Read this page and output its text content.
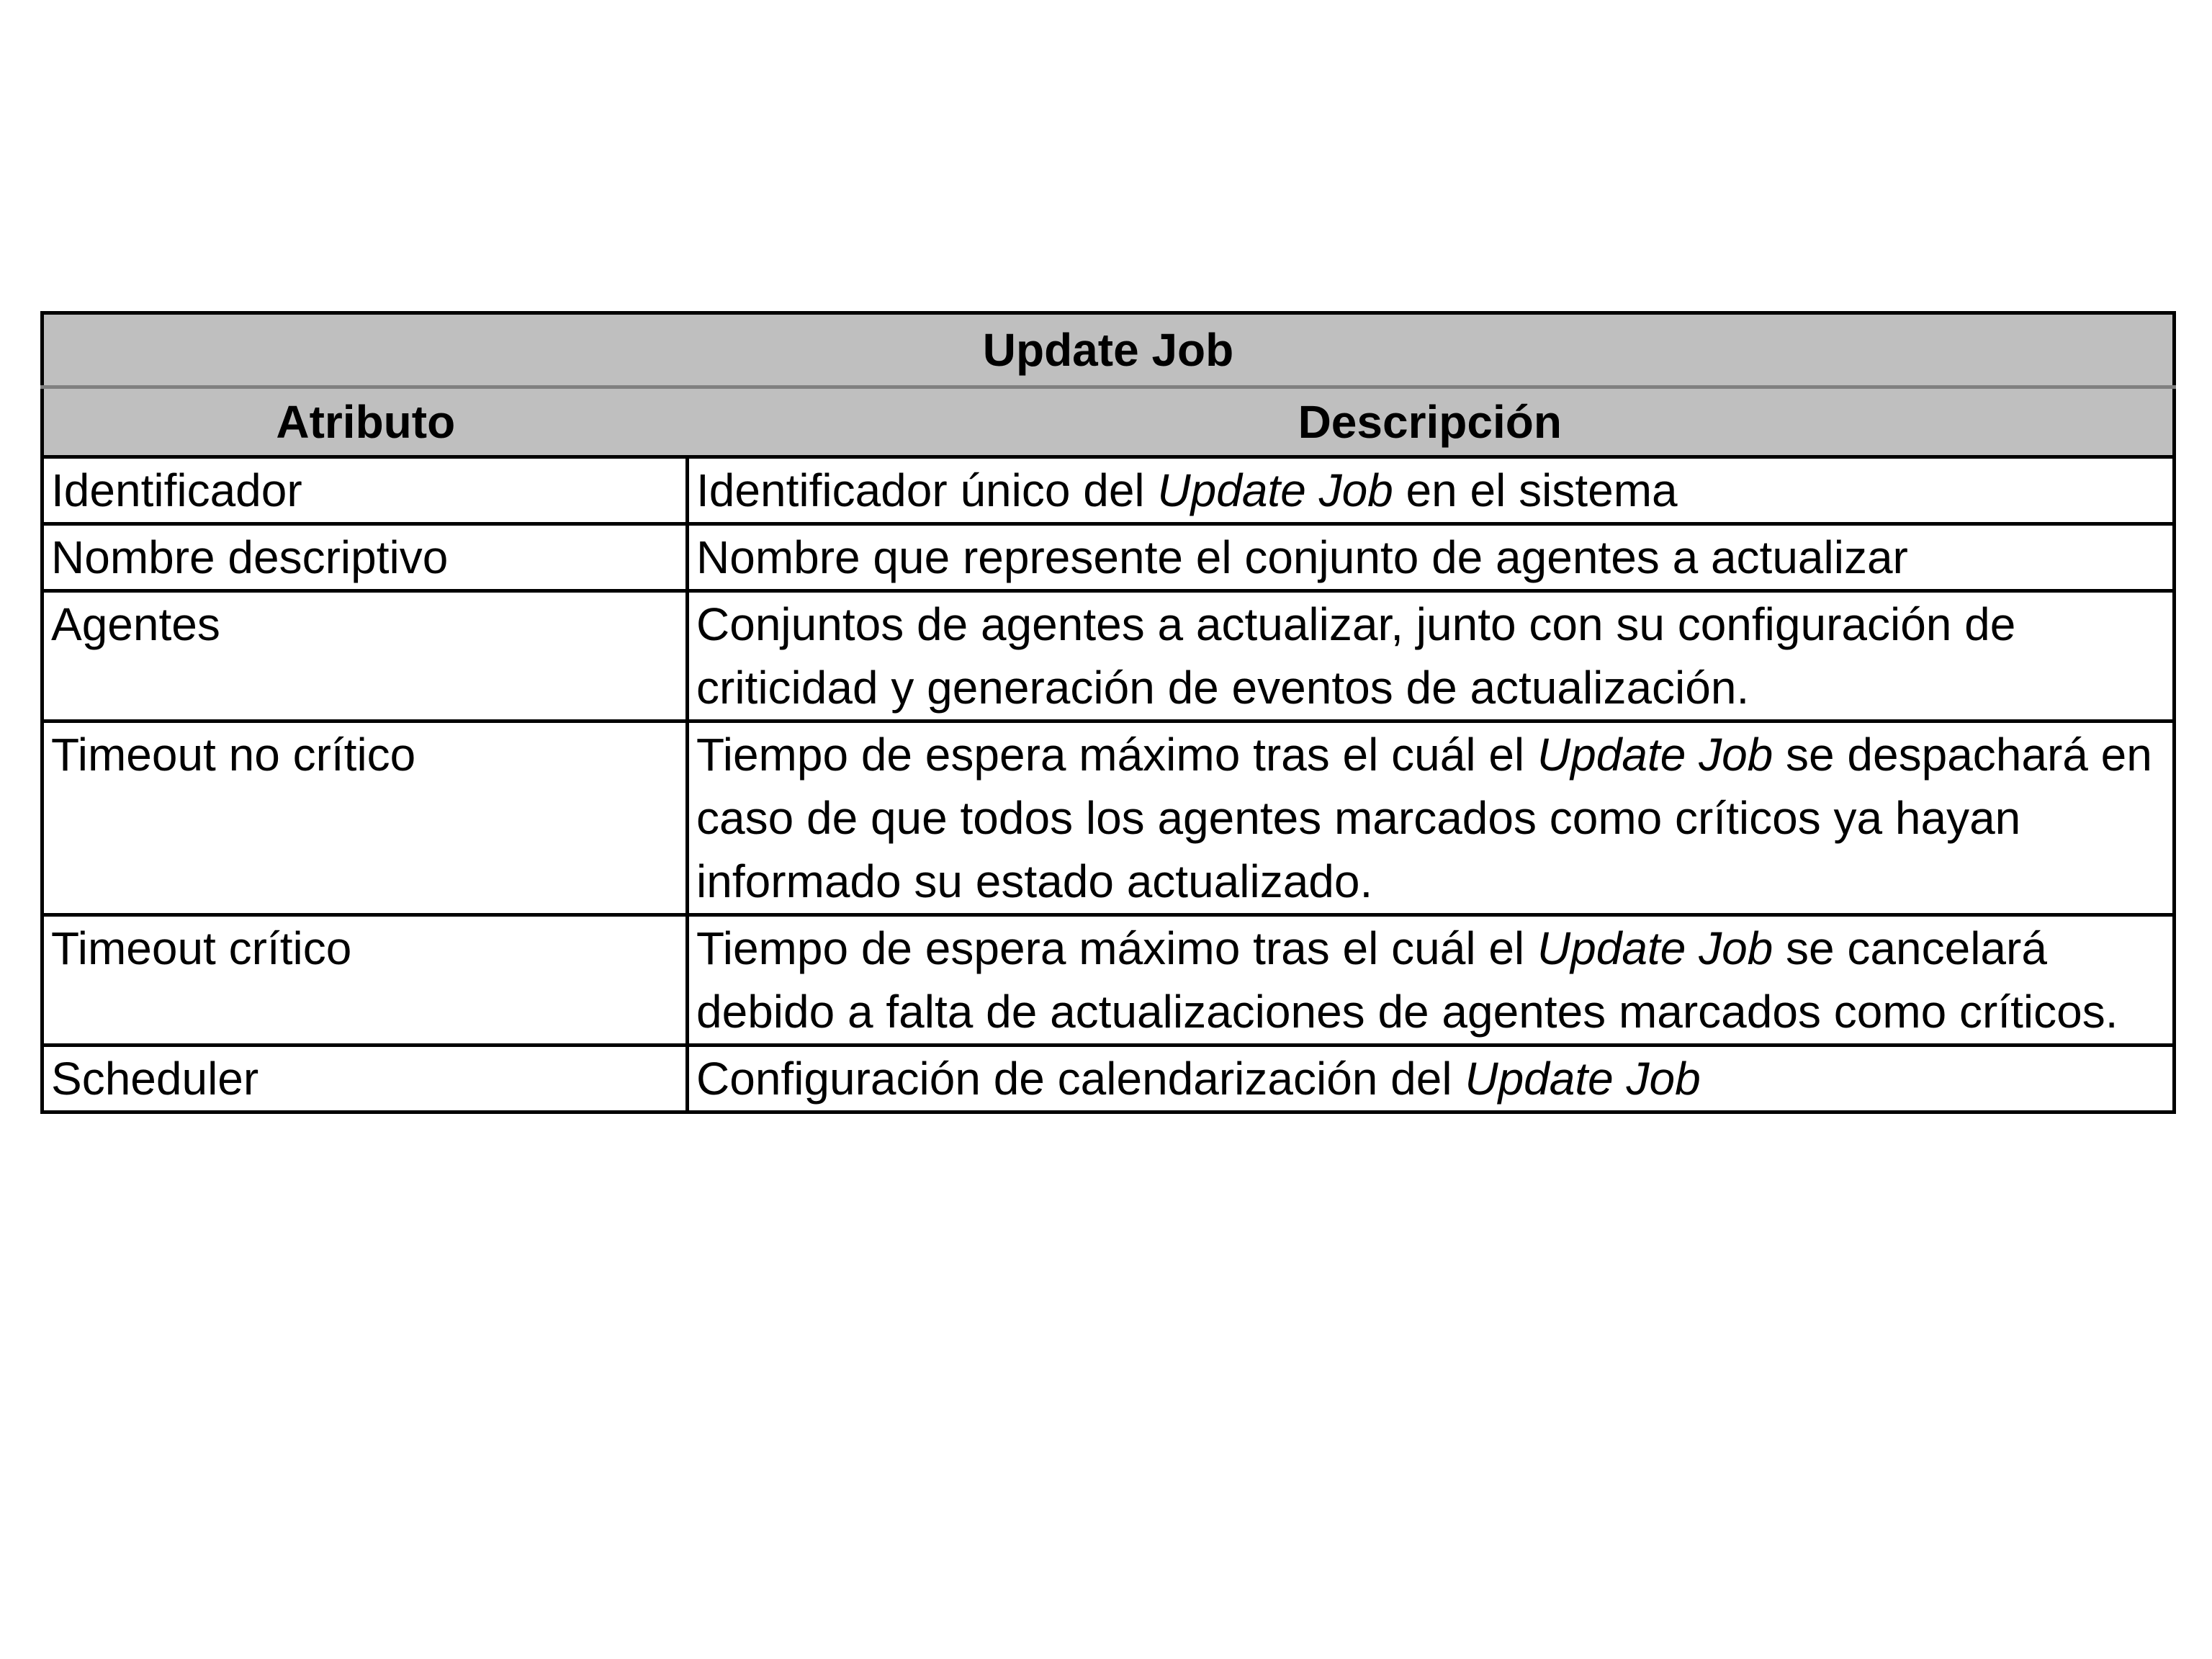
Update Job	
Atributo	Descripción
Identificador	Identificador único del Update Job en el sistema
Nombre descriptivo	Nombre que represente el conjunto de agentes a actualizar
Agentes	Conjuntos de agentes a actualizar, junto con su configuración de criticidad y generación de eventos de actualización.
Timeout no crítico	Tiempo de espera máximo tras el cuál el Update Job se despachará en caso de que todos los agentes marcados como críticos ya hayan informado su estado actualizado.
Timeout crítico	Tiempo de espera máximo tras el cuál el Update Job se cancelará debido a falta de actualizaciones de agentes marcados como críticos.
Scheduler	Configuración de calendarización del Update Job
